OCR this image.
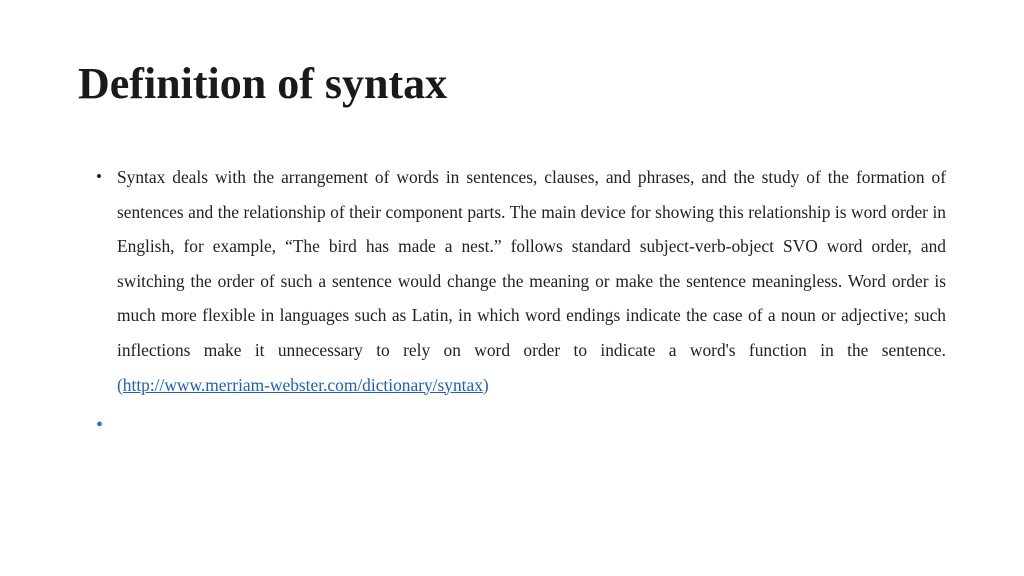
Definition of syntax
• Syntax deals with the arrangement of words in sentences, clauses, and phrases, and the study of the formation of sentences and the relationship of their component parts. The main device for showing this relationship is word order in English, for example, “The bird has made a nest.” follows standard subject-verb-object SVO word order, and switching the order of such a sentence would change the meaning or make the sentence meaningless. Word order is much more flexible in languages such as Latin, in which word endings indicate the case of a noun or adjective; such inflections make it unnecessary to rely on word order to indicate a word's function in the sentence. (http://www.merriam-webster.com/dictionary/syntax)

•
